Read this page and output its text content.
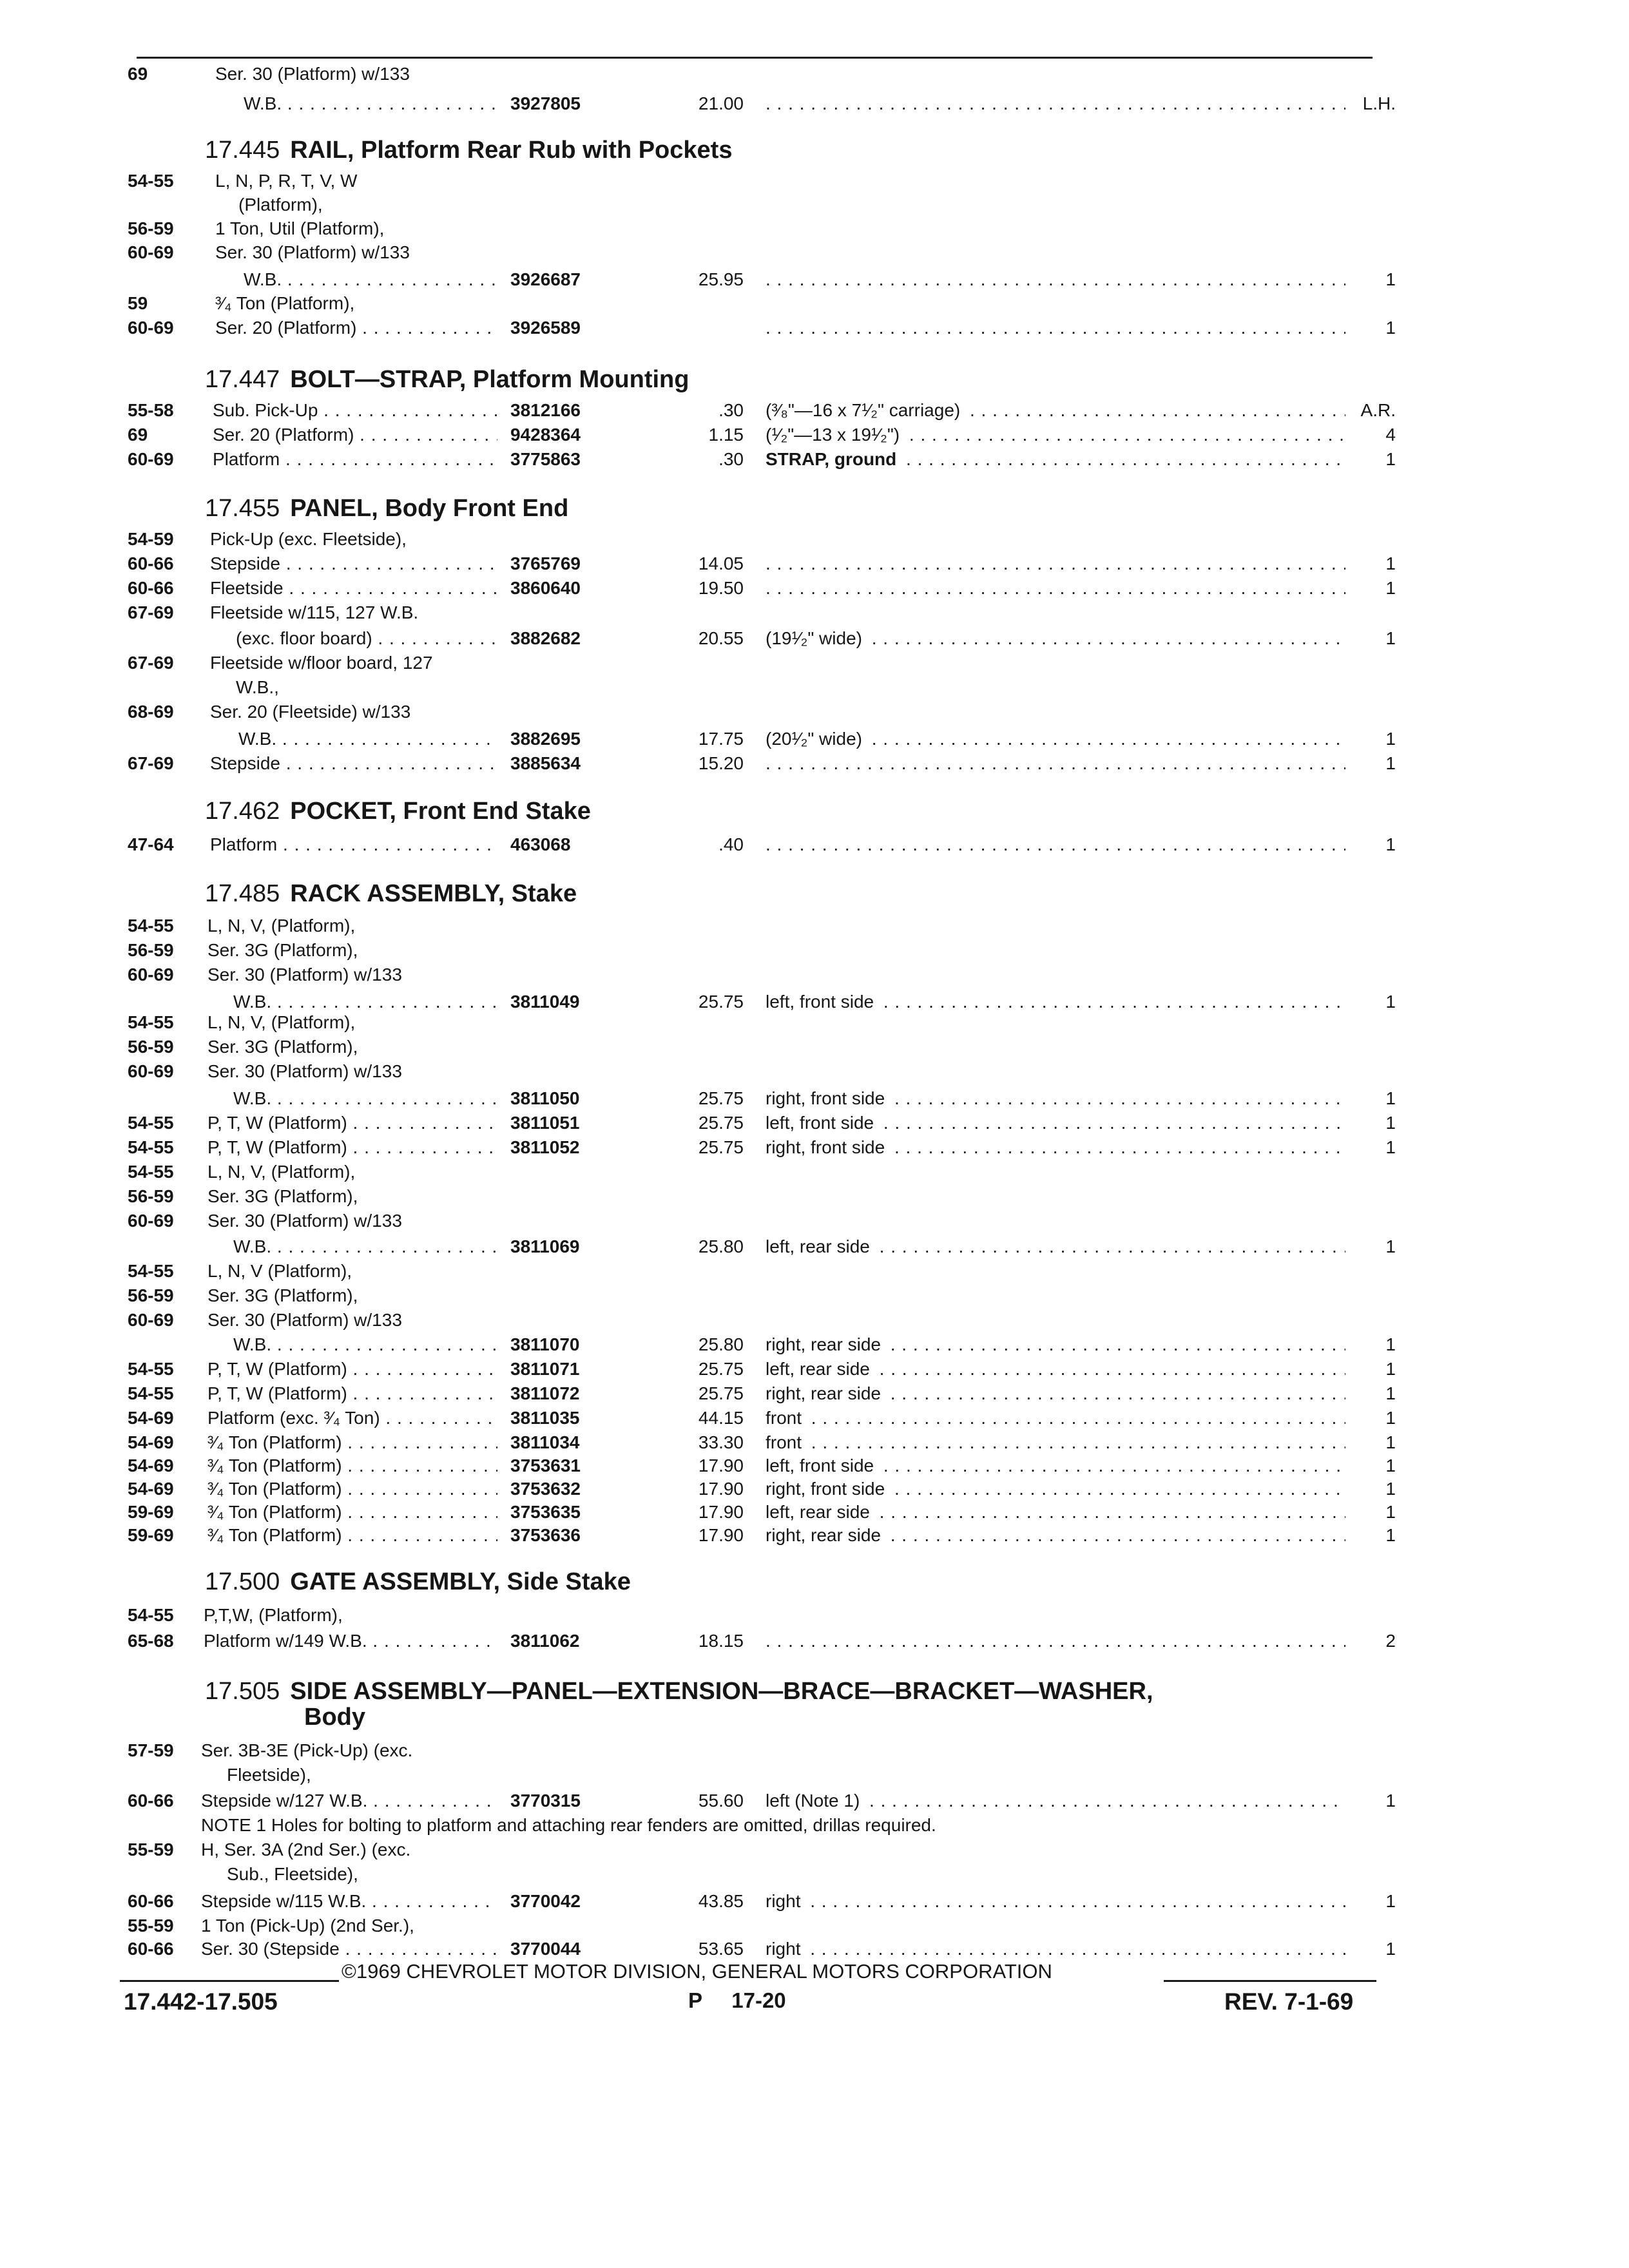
69	Ser. 30 (Platform) w/133
W.B. . . .	3927805	21.00 . . .	L.H.
17.445 RAIL, Platform Rear Rub with Pockets
54-55 L, N, P, R, T, V, W
(Platform),
56-59 1 Ton, Util (Platform),
60-69 Ser. 30 (Platform) w/133
W.B. . . .	3926687	25.95 . . .	1
59	³⁄₄ Ton (Platform),
60-69 Ser. 20 (Platform) . . .	3926589 . . .	1
17.447 BOLT—STRAP, Platform Mounting
55-58 Sub. Pick-Up . . .	3812166	.30 (³⁄₈"—16 x 7¹⁄₂" carriage) . . .	A.R.
69	Ser. 20 (Platform) . . .	9428364	1.15 (¹⁄₂"—13 x 19¹⁄₂") . . .	4
60-69 Platform . . .	3775863	.30 STRAP, ground . . .	1
17.455 PANEL, Body Front End
54-59 Pick-Up (exc. Fleetside),
60-66 Stepside . . .	3765769	14.05 . . .	1
60-66 Fleetside . . .	3860640	19.50 . . .	1
67-69 Fleetside w/115, 127 W.B.
(exc. floor board) . . .	3882682	20.55 (19¹⁄₂" wide) . . .	1
67-69 Fleetside w/floor board, 127
W.B.,
68-69 Ser. 20 (Fleetside) w/133
W.B. . . .	3882695	17.75 (20¹⁄₂" wide) . . .	1
67-69 Stepside . . .	3885634	15.20 . . .	1
17.462 POCKET, Front End Stake
47-64 Platform . . .	463068	.40 . . .	1
17.485 RACK ASSEMBLY, Stake
54-55 L, N, V, (Platform),
56-59 Ser. 3G (Platform),
60-69 Ser. 30 (Platform) w/133
W.B. . . .	3811049	25.75 left, front side . . .	1
54-55 L, N, V, (Platform),
56-59 Ser. 3G (Platform),
60-69 Ser. 30 (Platform) w/133
W.B. . . .	3811050	25.75 right, front side . . .	1
54-55 P, T, W (Platform) . . .	3811051	25.75 left, front side . . .	1
54-55 P, T, W (Platform) . . .	3811052	25.75 right, front side . . .	1
54-55 L, N, V, (Platform),
56-59 Ser. 3G (Platform),
60-69 Ser. 30 (Platform) w/133
W.B. . . .	3811069	25.80 left, rear side . . .	1
54-55 L, N, V (Platform),
56-59 Ser. 3G (Platform),
60-69 Ser. 30 (Platform) w/133
W.B. . . .	3811070	25.80 right, rear side . . .	1
54-55 P, T, W (Platform) . . .	3811071	25.75 left, rear side . . .	1
54-55 P, T, W (Platform) . . .	3811072	25.75 right, rear side . . .	1
54-69 Platform (exc. ³⁄₄ Ton) . . .	3811035	44.15 front . . .	1
54-69 ³⁄₄ Ton (Platform) . . .	3811034	33.30 front . . .	1
54-69 ³⁄₄ Ton (Platform) . . .	3753631	17.90 left, front side . . .	1
54-69 ³⁄₄ Ton (Platform) . . .	3753632	17.90 right, front side . . .	1
59-69 ³⁄₄ Ton (Platform) . . .	3753635	17.90 left, rear side . . .	1
59-69 ³⁄₄ Ton (Platform) . . .	3753636	17.90 right, rear side . . .	1
17.500 GATE ASSEMBLY, Side Stake
54-55 P,T,W, (Platform),
65-68 Platform w/149 W.B. . . .	3811062	18.15 . . .	2
17.505 SIDE ASSEMBLY—PANEL—EXTENSION—BRACE—BRACKET—WASHER,
Body
57-59 Ser. 3B-3E (Pick-Up) (exc.
Fleetside),
60-66 Stepside w/127 W.B. . . .	3770315	55.60 left (Note 1) . . .	1
NOTE 1 Holes for bolting to platform and attaching rear fenders are omitted, drillas required.
55-59 H, Ser. 3A (2nd Ser.) (exc.
Sub., Fleetside),
60-66 Stepside w/115 W.B. . . .	3770042	43.85 right . . .	1
55-59 1 Ton (Pick-Up) (2nd Ser.),
60-66 Ser. 30 (Stepside . . .	3770044	53.65 right . . .	1
©1969 CHEVROLET MOTOR DIVISION, GENERAL MOTORS CORPORATION
17.442-17.505	P     17-20	REV. 7-1-69
